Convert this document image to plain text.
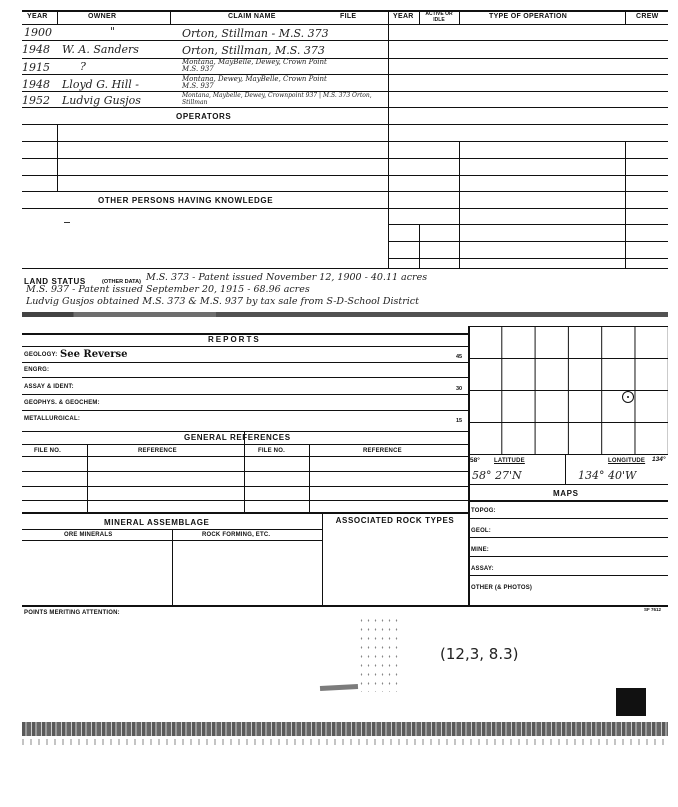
YEAR	OWNER	CLAIM NAME	FILE	YEAR	ACTIVE OR IDLE	TYPE OF OPERATION	CREW
1900	"	Orton, Stillman - M.S. 373
1948 W. A. Sanders	Orton, Stillman, M.S. 373
1915	?	Montana, MayBelle, Dewey, Crown Point M.S. 937
1948 Lloyd G. Hill -	Montana, Dewey, MayBelle, Crown Point M.S. 937
1952 Ludvig Gusjos	Montana, Maybelle, Dewey, Crownpoint 937 | M.S. 373 Orton, Stillman
OPERATORS
OTHER PERSONS HAVING KNOWLEDGE
LAND STATUS	(OTHER DATA) M.S. 373 - Patent issued November 12, 1900 - 40.11 acres
M.S. 937 - Patent issued September 20, 1915 - 68.96 acres
Ludvig Gusjos obtained M.S. 373 & M.S. 937 by tax sale from S-D-School District
REPORTS
GEOLOGY: See Reverse	45
ENGRG:
ASSAY & IDENT:	30
GEOPHYS. & GEOCHEM:
METALLURGICAL:	15
GENERAL REFERENCES
FILE NO.	REFERENCE	FILE NO.	REFERENCE
MINERAL ASSEMBLAGE
ORE MINERALS	ROCK FORMING, ETC.
ASSOCIATED ROCK TYPES
58° LATITUDE	LONGITUDE 134°
58° 27'N	134° 40'W
MAPS
TOPOG:
GEOL:
MINE:
ASSAY:
OTHER (& PHOTOS)
POINTS MERITING ATTENTION:
SF 7612
(12,3, 8.3)
